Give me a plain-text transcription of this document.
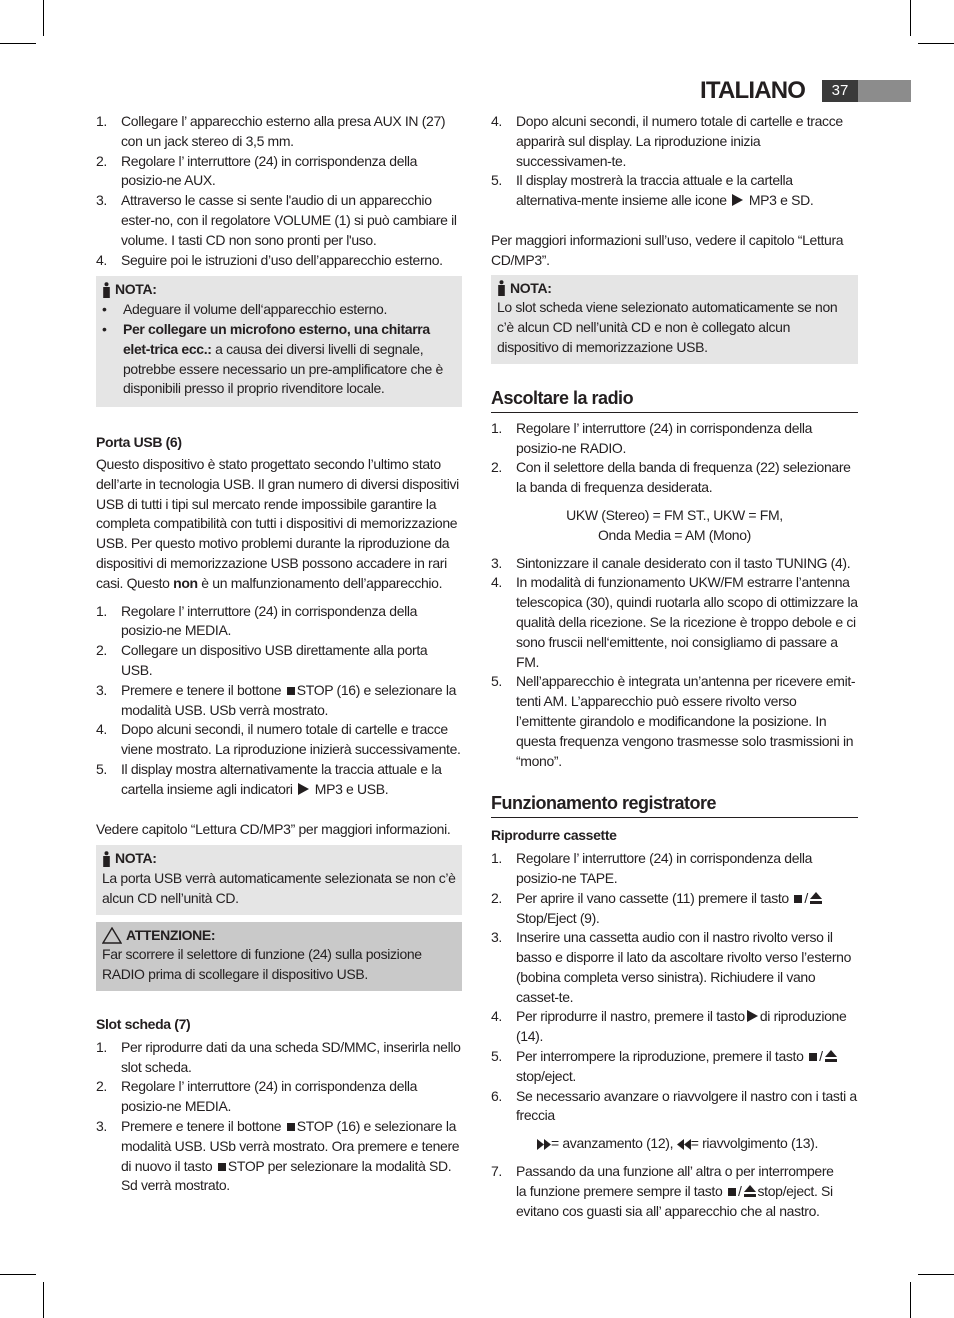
ITALIANO	37
1. Collegare l’ apparecchio esterno alla presa AUX IN (27) con un jack stereo di 3,5 mm.
2. Regolare l’ interruttore (24) in corrispondenza della posizio-ne AUX.
3. Attraverso le casse si sente l'audio di un apparecchio ester-no, con il regolatore VOLUME (1) si può cambiare il volume. I tasti CD non sono pronti per l'uso.
4. Seguire poi le istruzioni d’uso dell’apparecchio esterno.
NOTA:
• Adeguare il volume dell‘apparecchio esterno.
• Per collegare un microfono esterno, una chitarra elet-trica ecc.: a causa dei diversi livelli di segnale, potrebbe essere necessario un pre-amplificatore che è disponibili presso il proprio rivenditore locale.

Porta USB (6)

Questo dispositivo è stato progettato secondo l’ultimo stato dell’arte in tecnologia USB. Il gran numero di diversi dispositivi USB di tutti i tipi sul mercato rende impossibile garantire la completa compatibilità con tutti i dispositivi di memorizzazione USB. Per questo motivo problemi durante la riproduzione da dispositivi di memorizzazione USB possono accadere in rari casi. Questo non è un malfunzionamento dell’apparecchio.

1. Regolare l’ interruttore (24) in corrispondenza della posizio-ne MEDIA.
2. Collegare un dispositivo USB direttamente alla porta USB.
3. Premere e tenere il bottone STOP (16) e selezionare la modalità USB. USb verrà mostrato.
4. Dopo alcuni secondi, il numero totale di cartelle e tracce viene mostrato. La riproduzione inizierà successivamente.
5. Il display mostra alternativamente la traccia attuale e la cartella insieme agli indicatori MP3 e USB.

Vedere capitolo “Lettura CD/MP3” per maggiori informazioni.

NOTA:
La porta USB verrà automaticamente selezionata se non c’è alcun CD nell’unità CD.
ATTENZIONE:
Far scorrere il selettore di funzione (24) sulla posizione RADIO prima di scollegare il dispositivo USB.

Slot scheda (7)

1. Per riprodurre dati da una scheda SD/MMC, inserirla nello slot scheda.
2. Regolare l’ interruttore (24) in corrispondenza della posizio-ne MEDIA.
3. Premere e tenere il bottone STOP (16) e selezionare la modalità USB. USb verrà mostrato. Ora premere e tenere di nuovo il tasto STOP per selezionare la modalità SD. Sd verrà mostrato.
4. Dopo alcuni secondi, il numero totale di cartelle e tracce apparirà sul display. La riproduzione inizia successivamen-te.
5. Il display mostrerà la traccia attuale e la cartella alternativa-mente insieme alle icone MP3 e SD.

Per maggiori informazioni sull’uso, vedere il capitolo “Lettura CD/MP3”.

NOTA:
Lo slot scheda viene selezionato automaticamente se non c’è alcun CD nell’unità CD e non è collegato alcun dispositivo di memorizzazione USB.
Ascoltare la radio
1. Regolare l’ interruttore (24) in corrispondenza della posizio-ne RADIO.
2. Con il selettore della banda di frequenza (22) selezionare la banda di frequenza desiderata.
UKW (Stereo) = FM ST., UKW = FM,
Onda Media = AM (Mono)
3. Sintonizzare il canale desiderato con il tasto TUNING (4).
4. In modalità di funzionamento UKW/FM estrarre l’antenna telescopica (30), quindi ruotarla allo scopo di ottimizzare la qualità della ricezione. Se la ricezione è troppo debole e ci sono fruscii nell‘emittente, noi consigliamo di passare a FM.
5. Nell’apparecchio è integrata un’antenna per ricevere emit-tenti AM. L’apparecchio può essere rivolto verso l’emittente girandolo e modificandone la posizione. In questa frequenza vengono trasmesse solo trasmissioni in “mono”.
Funzionamento registratore

Riprodurre cassette

1. Regolare l’ interruttore (24) in corrispondenza della posizio-ne TAPE.
2. Per aprire il vano cassette (11) premere il tasto /
Stop/Eject (9).
3. Inserire una cassetta audio con il nastro rivolto verso il basso e disporre il lato da ascoltare rivolto verso l’esterno (bobina completa verso sinistra). Richiudere il vano casset-te.
4. Per riprodurre il nastro, premere il tasto di riproduzione (14).
5. Per interrompere la riproduzione, premere il tasto /
stop/eject.
6. Se necessario avanzare o riavvolgere il nastro con i tasti a freccia
= avanzamento (12), = riavvolgimento (13).
7. Passando da una funzione all’ altra o per interrompere la funzione premere sempre il tasto / stop/eject. Si evitano cos guasti sia all’ apparecchio che al nastro.
